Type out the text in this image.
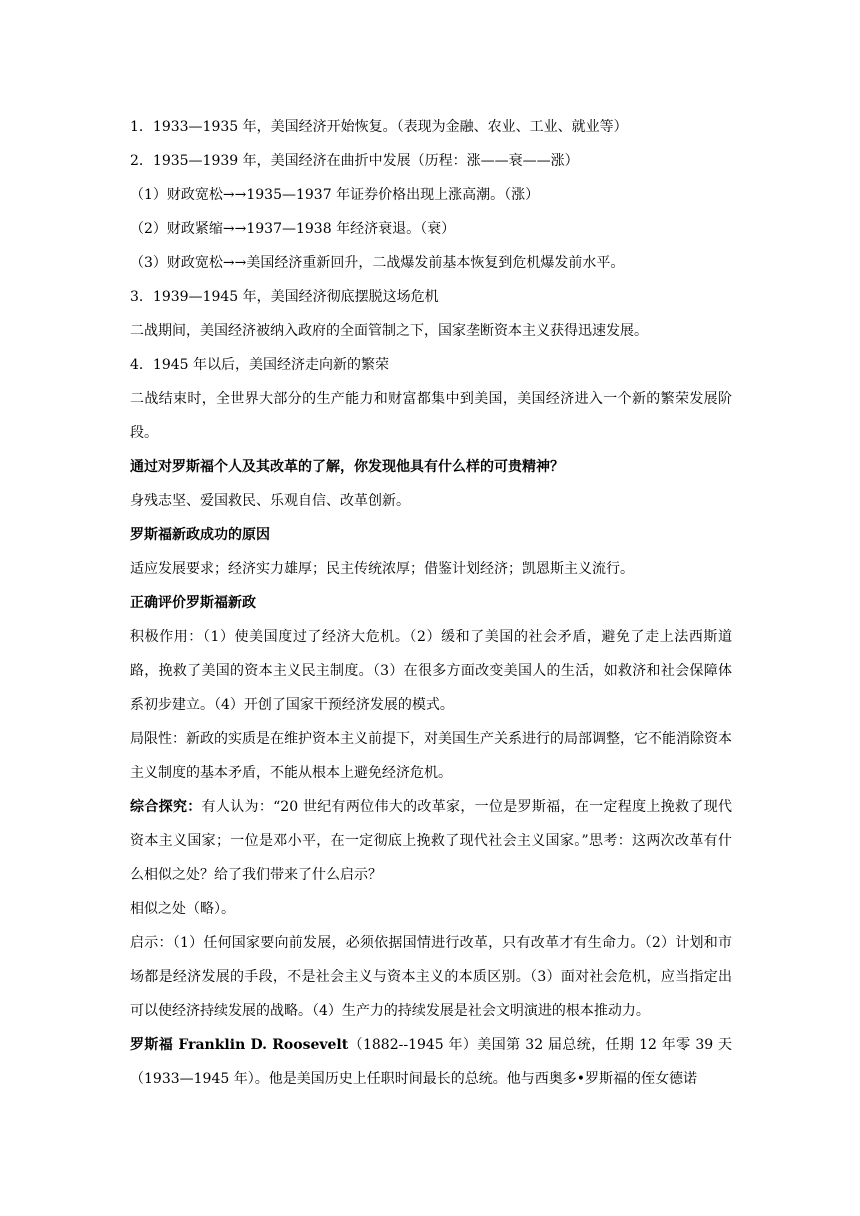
1．1933—1935 年，美国经济开始恢复。（表现为金融、农业、工业、就业等）

2．1935—1939 年，美国经济在曲折中发展（历程：涨——衰——涨）

（1）财政宽松→→1935—1937 年证券价格出现上涨高潮。（涨）

（2）财政紧缩→→1937—1938 年经济衰退。（衰）

（3）财政宽松→→美国经济重新回升，二战爆发前基本恢复到危机爆发前水平。

3．1939—1945 年，美国经济彻底摆脱这场危机

二战期间，美国经济被纳入政府的全面管制之下，国家垄断资本主义获得迅速发展。

4．1945 年以后，美国经济走向新的繁荣

二战结束时，全世界大部分的生产能力和财富都集中到美国，美国经济进入一个新的繁荣发展阶段。

通过对罗斯福个人及其改革的了解，你发现他具有什么样的可贵精神？

身残志坚、爱国救民、乐观自信、改革创新。

罗斯福新政成功的原因

适应发展要求；经济实力雄厚；民主传统浓厚；借鉴计划经济；凯恩斯主义流行。

正确评价罗斯福新政

积极作用：（1）使美国度过了经济大危机。（2）缓和了美国的社会矛盾，避免了走上法西斯道路，挽救了美国的资本主义民主制度。（3）在很多方面改变美国人的生活，如救济和社会保障体系初步建立。（4）开创了国家干预经济发展的模式。

局限性：新政的实质是在维护资本主义前提下，对美国生产关系进行的局部调整，它不能消除资本主义制度的基本矛盾，不能从根本上避免经济危机。

综合探究：有人认为：“20 世纪有两位伟大的改革家，一位是罗斯福，在一定程度上挽救了现代资本主义国家；一位是邓小平，在一定彻底上挽救了现代社会主义国家。”思考：这两次改革有什么相似之处？给了我们带来了什么启示？

相似之处（略）。

启示：（1）任何国家要向前发展，必须依据国情进行改革，只有改革才有生命力。（2）计划和市场都是经济发展的手段，不是社会主义与资本主义的本质区别。（3）面对社会危机，应当指定出可以使经济持续发展的战略。（4）生产力的持续发展是社会文明演进的根本推动力。

罗斯福 Franklin D. Roosevelt（1882--1945 年）美国第 32 届总统，任期 12 年零 39 天（1933—1945 年）。他是美国历史上任职时间最长的总统。他与西奥多•罗斯福的侄女德诺
